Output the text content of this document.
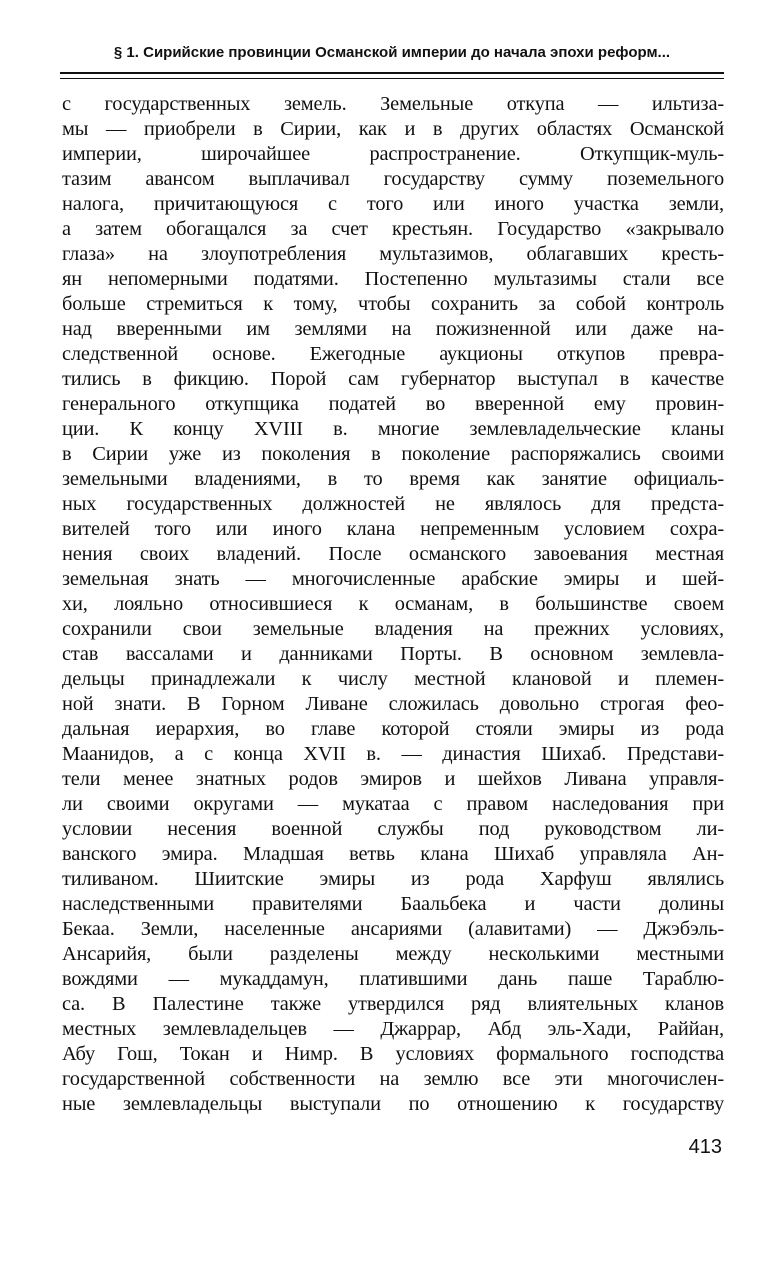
§ 1. Сирийские провинции Османской империи до начала эпохи реформ...
с государственных земель. Земельные откупа — ильтиза-
мы — приобрели в Сирии, как и в других областях Османской
империи, широчайшее распространение. Откупщик-муль-
тазим авансом выплачивал государству сумму поземельного
налога, причитающуюся с того или иного участка земли,
а затем обогащался за счет крестьян. Государство «закрывало
глаза» на злоупотребления мультазимов, облагавших кресть-
ян непомерными податями. Постепенно мультазимы стали все
больше стремиться к тому, чтобы сохранить за собой контроль
над вверенными им землями на пожизненной или даже на-
следственной основе. Ежегодные аукционы откупов превра-
тились в фикцию. Порой сам губернатор выступал в качестве
генерального откупщика податей во вверенной ему провин-
ции. К концу XVIII в. многие землевладельческие кланы
в Сирии уже из поколения в поколение распоряжались своими
земельными владениями, в то время как занятие официаль-
ных государственных должностей не являлось для предста-
вителей того или иного клана непременным условием сохра-
нения своих владений. После османского завоевания местная
земельная знать — многочисленные арабские эмиры и шей-
хи, лояльно относившиеся к османам, в большинстве своем
сохранили свои земельные владения на прежних условиях,
став вассалами и данниками Порты. В основном землевла-
дельцы принадлежали к числу местной клановой и племен-
ной знати. В Горном Ливане сложилась довольно строгая фео-
дальная иерархия, во главе которой стояли эмиры из рода
Маанидов, а с конца XVII в. — династия Шихаб. Представи-
тели менее знатных родов эмиров и шейхов Ливана управля-
ли своими округами — мукатаа с правом наследования при
условии несения военной службы под руководством ли-
ванского эмира. Младшая ветвь клана Шихаб управляла Ан-
тиливаном. Шиитские эмиры из рода Харфуш являлись
наследственными правителями Баальбека и части долины
Бекаа. Земли, населенные ансариями (алавитами) — Джэбэль-
Ансарийя, были разделены между несколькими местными
вождями — мукаддамун, платившими дань паше Тараблю-
са. В Палестине также утвердился ряд влиятельных кланов
местных землевладельцев — Джаррар, Абд эль-Хади, Раййан,
Абу Гош, Токан и Нимр. В условиях формального господства
государственной собственности на землю все эти многочислен-
ные землевладельцы выступали по отношению к государству
413
